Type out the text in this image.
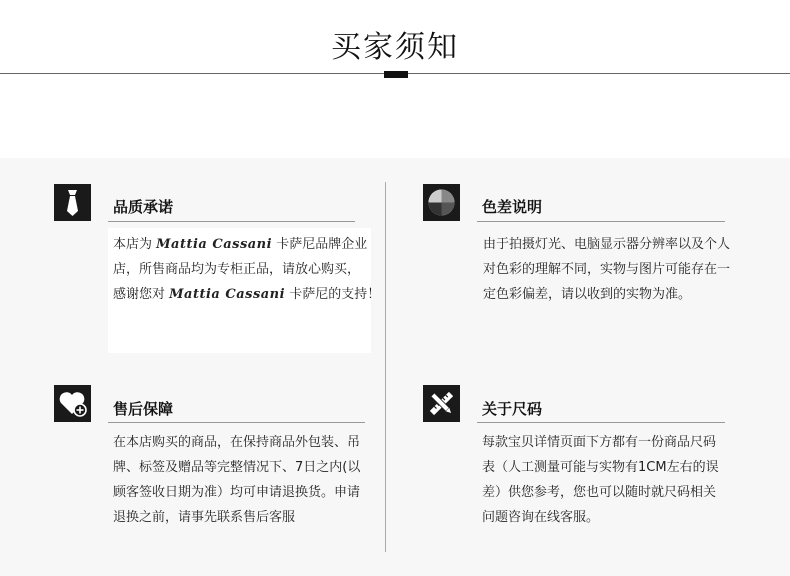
买家须知
品质承诺
本店为 Mattia Cassani 卡萨尼品牌企业
店，所售商品均为专柜正品，请放心购买，
感谢您对 Mattia Cassani 卡萨尼的支持！
色差说明
由于拍摄灯光、电脑显示器分辨率以及个人
对色彩的理解不同，实物与图片可能存在一
定色彩偏差，请以收到的实物为准。
售后保障
在本店购买的商品，在保持商品外包装、吊
牌、标签及赠品等完整情况下、7日之内(以
顾客签收日期为准）均可申请退换货。申请
退换之前，请事先联系售后客服
关于尺码
每款宝贝详情页面下方都有一份商品尺码
表（人工测量可能与实物有1CM左右的误
差）供您参考，您也可以随时就尺码相关
问题咨询在线客服。
